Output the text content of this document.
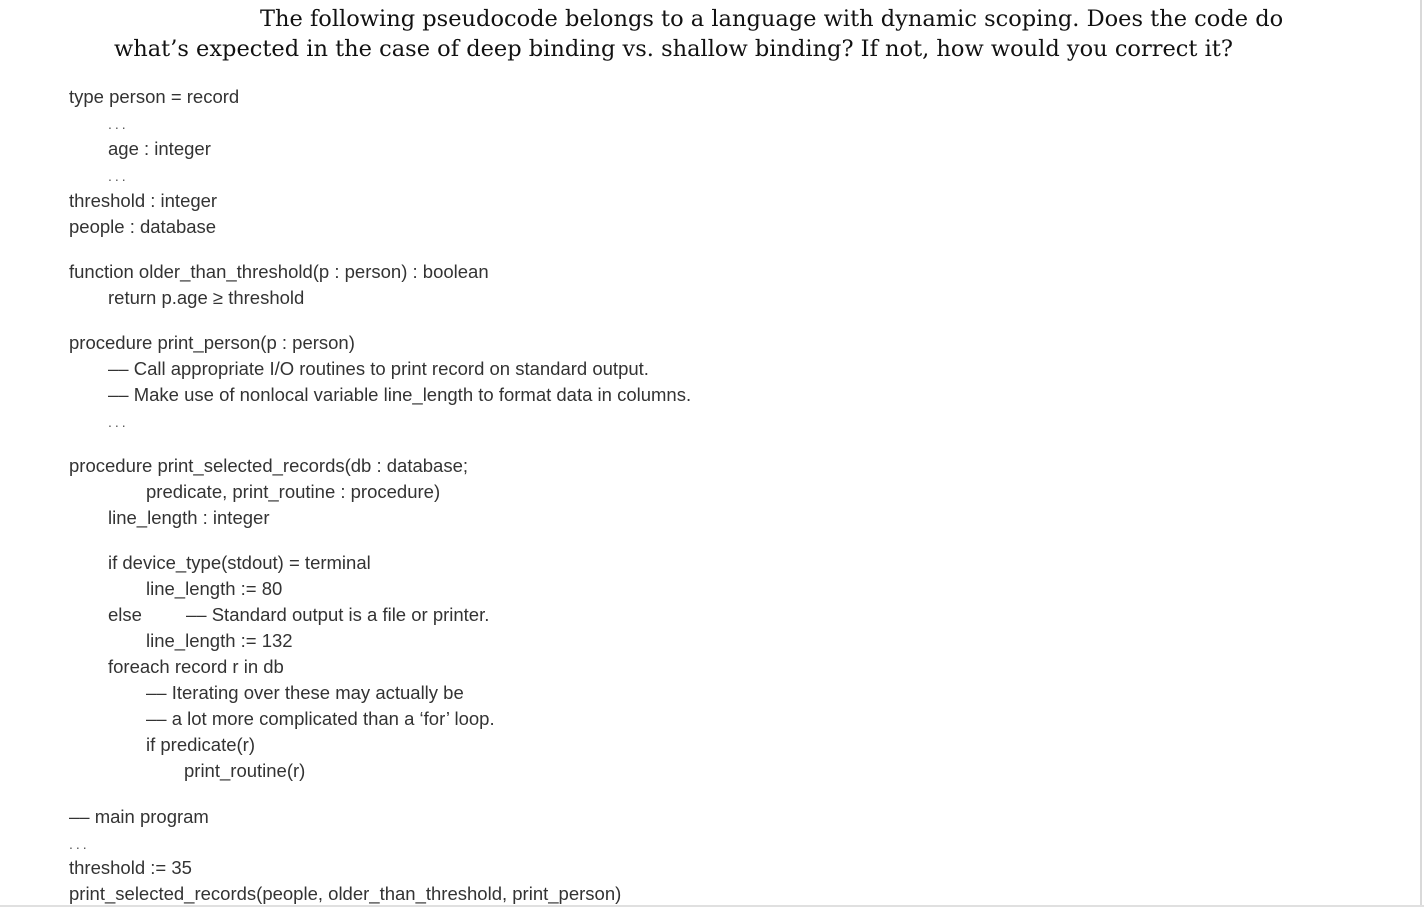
The following pseudocode belongs to a language with dynamic scoping. Does the code do
what’s expected in the case of deep binding vs. shallow binding? If not, how would you correct it?
type person = record
...
age : integer
...
threshold : integer
people : database
function older_than_threshold(p : person) : boolean
return p.age ≥ threshold
procedure print_person(p : person)
–– Call appropriate I/O routines to print record on standard output.
–– Make use of nonlocal variable line_length to format data in columns.
...
procedure print_selected_records(db : database;
predicate, print_routine : procedure)
line_length : integer
if device_type(stdout) = terminal
line_length := 80
else –– Standard output is a file or printer.
line_length := 132
foreach record r in db
–– Iterating over these may actually be
–– a lot more complicated than a ‘for’ loop.
if predicate(r)
print_routine(r)
–– main program
...
threshold := 35
print_selected_records(people, older_than_threshold, print_person)
